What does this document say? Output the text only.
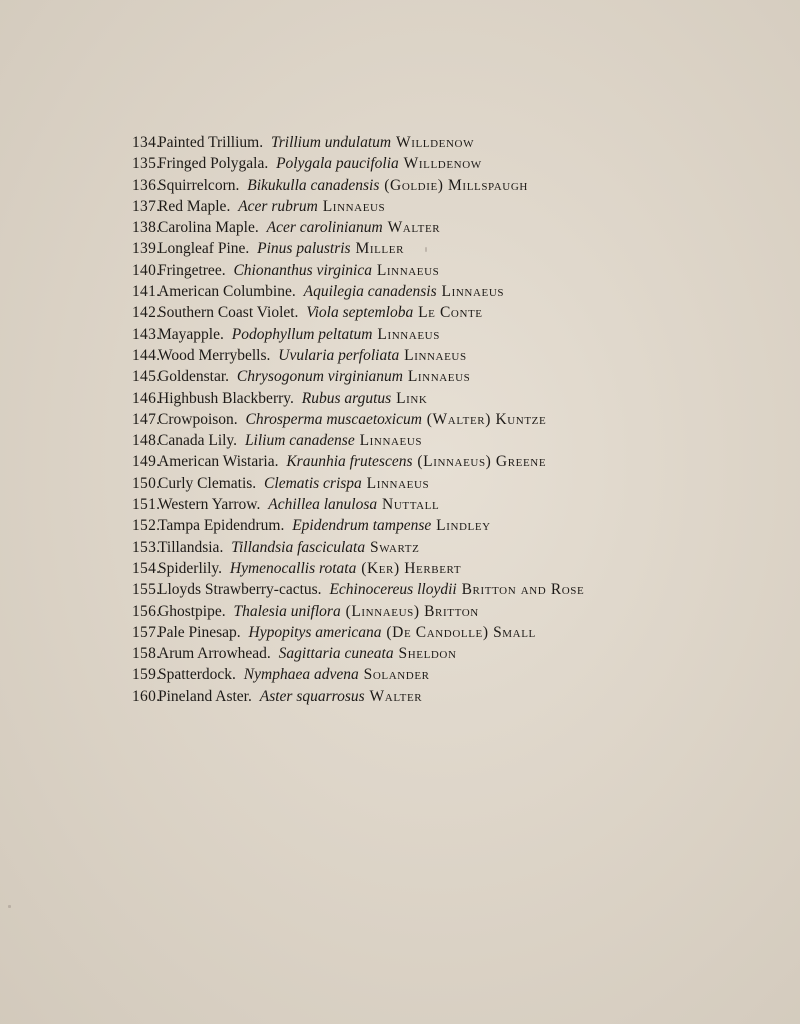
134.Painted Trillium. Trillium undulatum Willdenow
135.Fringed Polygala. Polygala paucifolia Willdenow
136.Squirrelcorn. Bikukulla canadensis (Goldie) Millspaugh
137.Red Maple. Acer rubrum Linnaeus
138.Carolina Maple. Acer carolinianum Walter
139.Longleaf Pine. Pinus palustris Miller
140.Fringetree. Chionanthus virginica Linnaeus
141.American Columbine. Aquilegia canadensis Linnaeus
142.Southern Coast Violet. Viola septemloba Le Conte
143.Mayapple. Podophyllum peltatum Linnaeus
144.Wood Merrybells. Uvularia perfoliata Linnaeus
145.Goldenstar. Chrysogonum virginianum Linnaeus
146.Highbush Blackberry. Rubus argutus Link
147.Crowpoison. Chrosperma muscaetoxicum (Walter) Kuntze
148.Canada Lily. Lilium canadense Linnaeus
149.American Wistaria. Kraunhia frutescens (Linnaeus) Greene
150.Curly Clematis. Clematis crispa Linnaeus
151.Western Yarrow. Achillea lanulosa Nuttall
152.Tampa Epidendrum. Epidendrum tampense Lindley
153.Tillandsia. Tillandsia fasciculata Swartz
154.Spiderlily. Hymenocallis rotata (Ker) Herbert
155.Lloyds Strawberry-cactus. Echinocereus lloydii Britton and Rose
156.Ghostpipe. Thalesia uniflora (Linnaeus) Britton
157.Pale Pinesap. Hypopitys americana (De Candolle) Small
158.Arum Arrowhead. Sagittaria cuneata Sheldon
159.Spatterdock. Nymphaea advena Solander
160.Pineland Aster. Aster squarrosus Walter
